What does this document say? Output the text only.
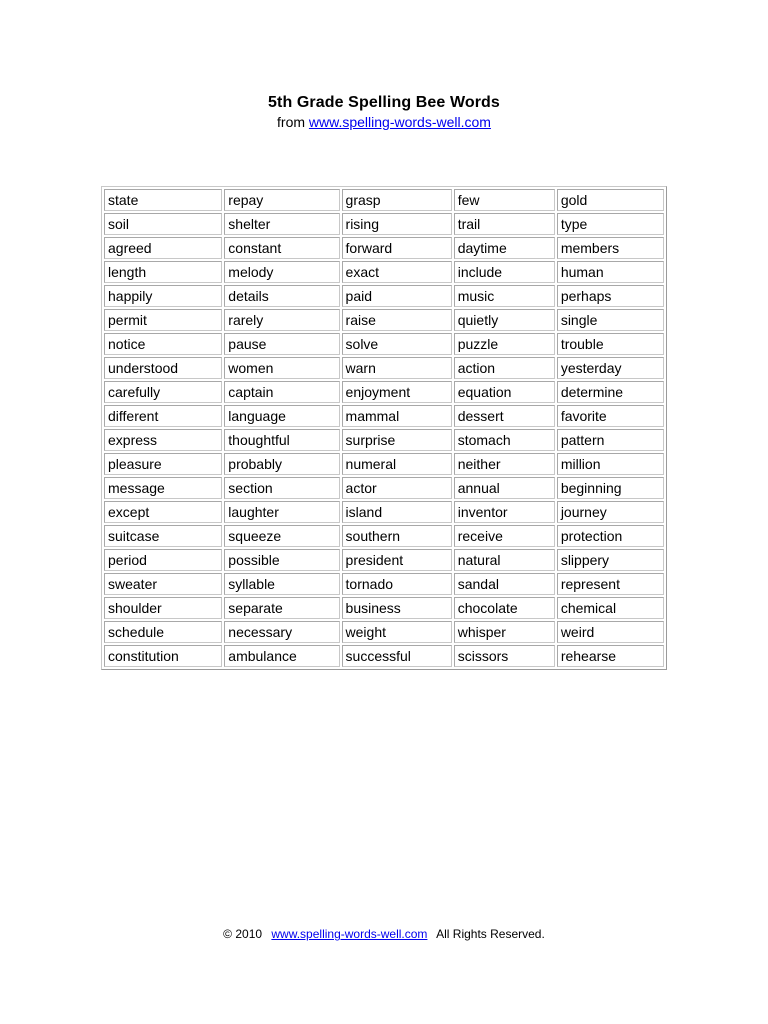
5th Grade Spelling Bee Words
from www.spelling-words-well.com
state	repay	grasp	few	gold
soil	shelter	rising	trail	type
agreed	constant	forward	daytime	members
length	melody	exact	include	human
happily	details	paid	music	perhaps
permit	rarely	raise	quietly	single
notice	pause	solve	puzzle	trouble
understood	women	warn	action	yesterday
carefully	captain	enjoyment	equation	determine
different	language	mammal	dessert	favorite
express	thoughtful	surprise	stomach	pattern
pleasure	probably	numeral	neither	million
message	section	actor	annual	beginning
except	laughter	island	inventor	journey
suitcase	squeeze	southern	receive	protection
period	possible	president	natural	slippery
sweater	syllable	tornado	sandal	represent
shoulder	separate	business	chocolate	chemical
schedule	necessary	weight	whisper	weird
constitution	ambulance	successful	scissors	rehearse
© 2010 www.spelling-words-well.com All Rights Reserved.
